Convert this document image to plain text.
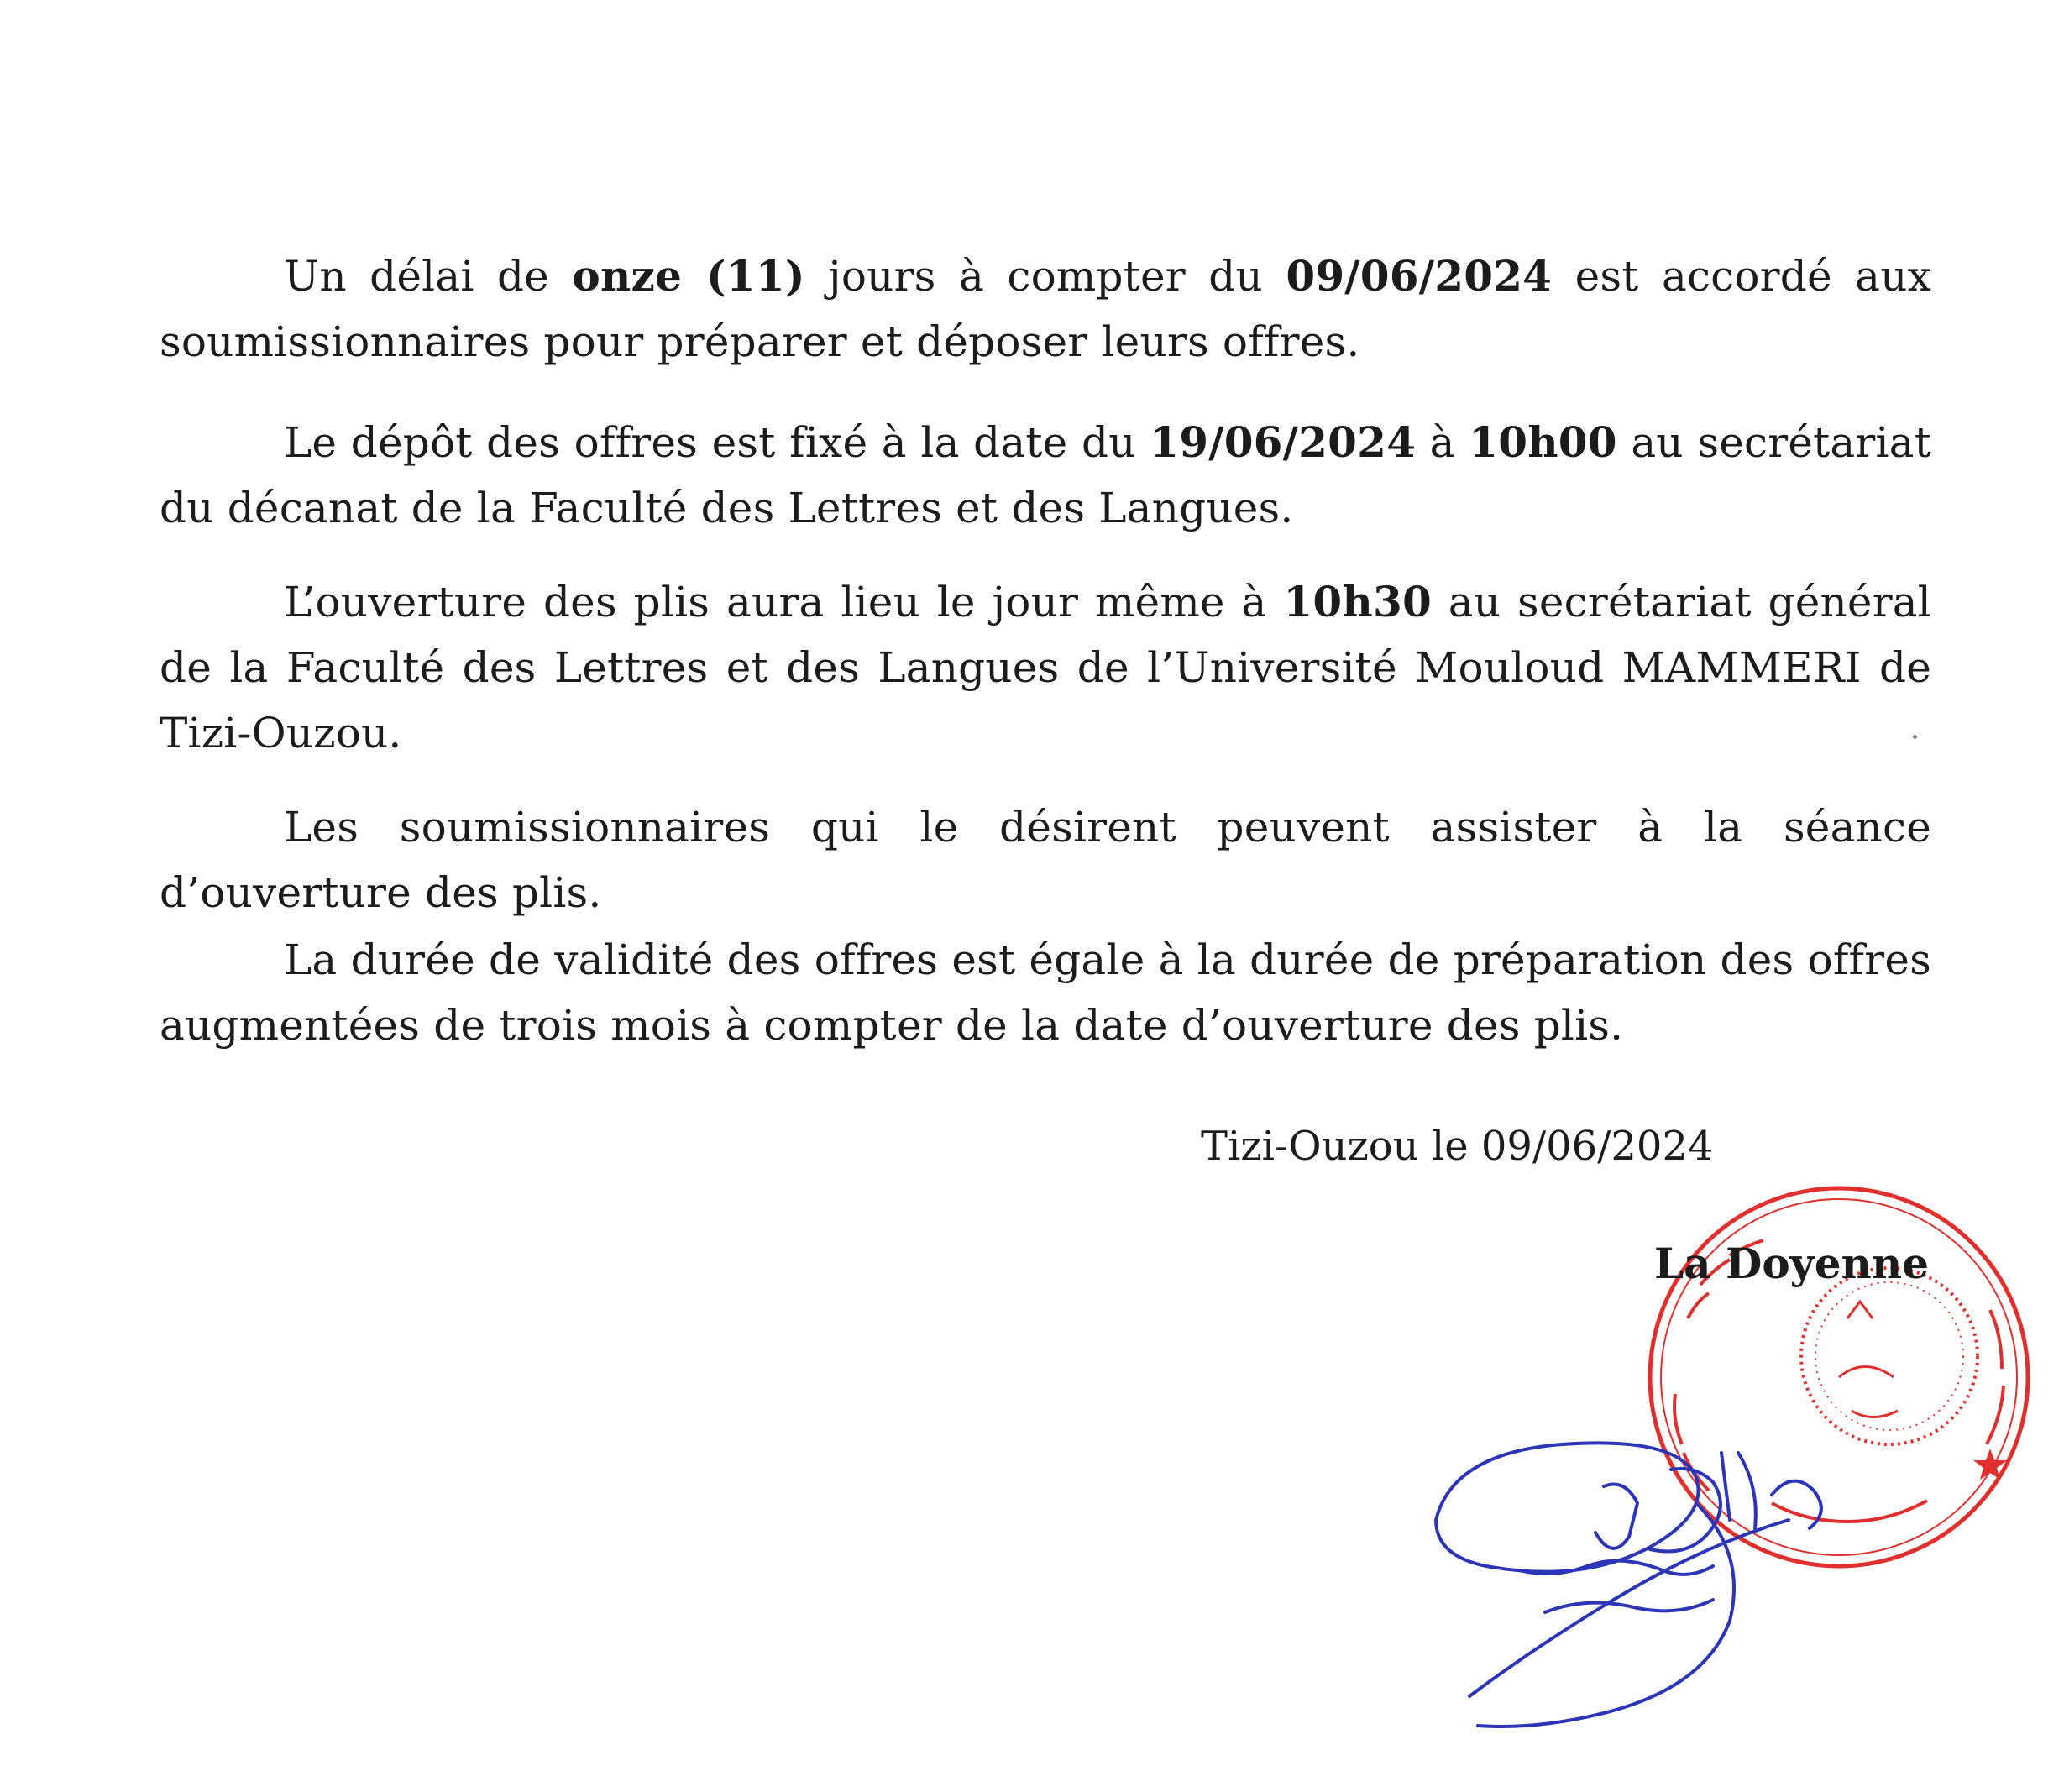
Un délai de onze (11) jours à compter du 09/06/2024 est accordé aux soumissionnaires pour préparer et déposer leurs offres.

Le dépôt des offres est fixé à la date du 19/06/2024 à 10h00 au secrétariat du décanat de la Faculté des Lettres et des Langues.

L’ouverture des plis aura lieu le jour même à 10h30 au secrétariat général de la Faculté des Lettres et des Langues de l’Université Mouloud MAMMERI de Tizi-Ouzou.

Les soumissionnaires qui le désirent peuvent assister à la séance d’ouverture des plis.

La durée de validité des offres est égale à la durée de préparation des offres augmentées de trois mois à compter de la date d’ouverture des plis.

Tizi-Ouzou le 09/06/2024
La Doyenne
